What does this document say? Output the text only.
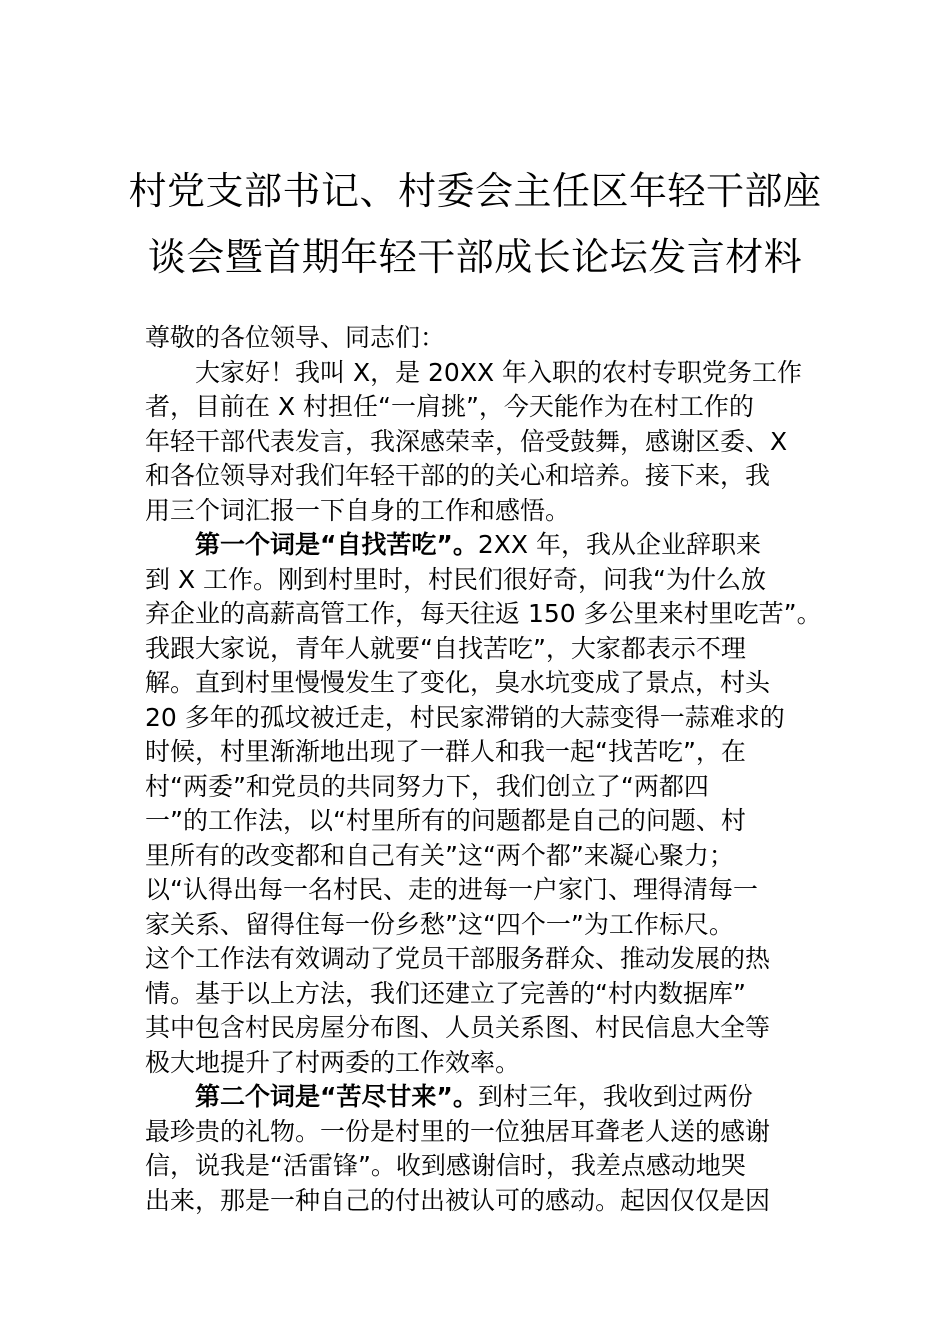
村党支部书记、村委会主任区年轻干部座
谈会暨首期年轻干部成长论坛发言材料
尊敬的各位领导、同志们：
大家好！我叫 X，是 20XX 年入职的农村专职党务工作
者，目前在 X 村担任“一肩挑”，今天能作为在村工作的
年轻干部代表发言，我深感荣幸，倍受鼓舞，感谢区委、X
和各位领导对我们年轻干部的的关心和培养。接下来，我
用三个词汇报一下自身的工作和感悟。
第一个词是“自找苦吃”。2XX 年，我从企业辞职来
到 X 工作。刚到村里时，村民们很好奇，问我“为什么放
弃企业的高薪高管工作，每天往返 150 多公里来村里吃苦”。
我跟大家说，青年人就要“自找苦吃”，大家都表示不理
解。直到村里慢慢发生了变化，臭水坑变成了景点，村头
20 多年的孤坟被迁走，村民家滞销的大蒜变得一蒜难求的
时候，村里渐渐地出现了一群人和我一起“找苦吃”，在
村“两委”和党员的共同努力下，我们创立了“两都四
一”的工作法，以“村里所有的问题都是自己的问题、村
里所有的改变都和自己有关”这“两个都”来凝心聚力；
以“认得出每一名村民、走的进每一户家门、理得清每一
家关系、留得住每一份乡愁”这“四个一”为工作标尺。
这个工作法有效调动了党员干部服务群众、推动发展的热
情。基于以上方法，我们还建立了完善的“村内数据库”
其中包含村民房屋分布图、人员关系图、村民信息大全等
极大地提升了村两委的工作效率。
第二个词是“苦尽甘来”。到村三年，我收到过两份
最珍贵的礼物。一份是村里的一位独居耳聋老人送的感谢
信，说我是“活雷锋”。收到感谢信时，我差点感动地哭
出来，那是一种自己的付出被认可的感动。起因仅仅是因
